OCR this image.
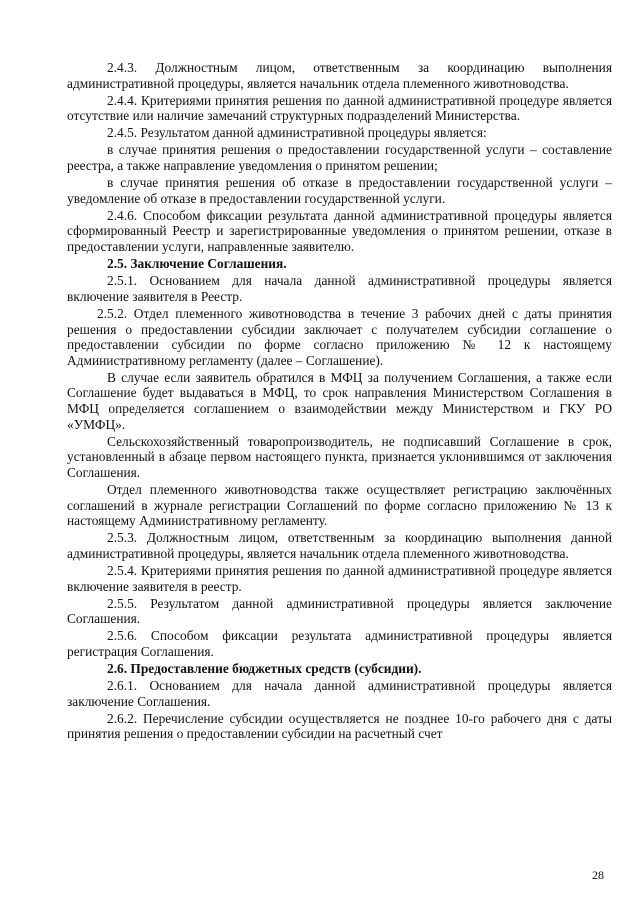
2.4.3. Должностным лицом, ответственным за координацию выполнения административной процедуры, является начальник отдела племенного животноводства.

2.4.4. Критериями принятия решения по данной административной процедуре является отсутствие или наличие замечаний структурных подразделений Министерства.

2.4.5. Результатом данной административной процедуры является:

в случае принятия решения о предоставлении государственной услуги – составление реестра, а также направление уведомления о принятом решении;

в случае принятия решения об отказе в предоставлении государственной услуги – уведомление об отказе в предоставлении государственной услуги.

2.4.6. Способом фиксации результата данной административной процедуры является сформированный Реестр и зарегистрированные уведомления о принятом решении, отказе в предоставлении услуги, направленные заявителю.

2.5. Заключение Соглашения.

2.5.1. Основанием для начала данной административной процедуры является включение заявителя в Реестр.

2.5.2. Отдел племенного животноводства в течение 3 рабочих дней с даты принятия решения о предоставлении субсидии заключает с получателем субсидии соглашение о предоставлении субсидии по форме согласно приложению № 12 к настоящему Административному регламенту (далее – Соглашение).

В случае если заявитель обратился в МФЦ за получением Соглашения, а также если Соглашение будет выдаваться в МФЦ, то срок направления Министерством Соглашения в МФЦ определяется соглашением о взаимодействии между Министерством и ГКУ РО «УМФЦ».

Сельскохозяйственный товаропроизводитель, не подписавший Соглашение в срок, установленный в абзаце первом настоящего пункта, признается уклонившимся от заключения Соглашения.

Отдел племенного животноводства также осуществляет регистрацию заключённых соглашений в журнале регистрации Соглашений по форме согласно приложению № 13 к настоящему Административному регламенту.

2.5.3. Должностным лицом, ответственным за координацию выполнения данной административной процедуры, является начальник отдела племенного животноводства.

2.5.4. Критериями принятия решения по данной административной процедуре является включение заявителя в реестр.

2.5.5. Результатом данной административной процедуры является заключение Соглашения.

2.5.6. Способом фиксации результата административной процедуры является регистрация Соглашения.

2.6. Предоставление бюджетных средств (субсидии).

2.6.1. Основанием для начала данной административной процедуры является заключение Соглашения.

2.6.2. Перечисление субсидии осуществляется не позднее 10-го рабочего дня с даты принятия решения о предоставлении субсидии на расчетный счет

28
